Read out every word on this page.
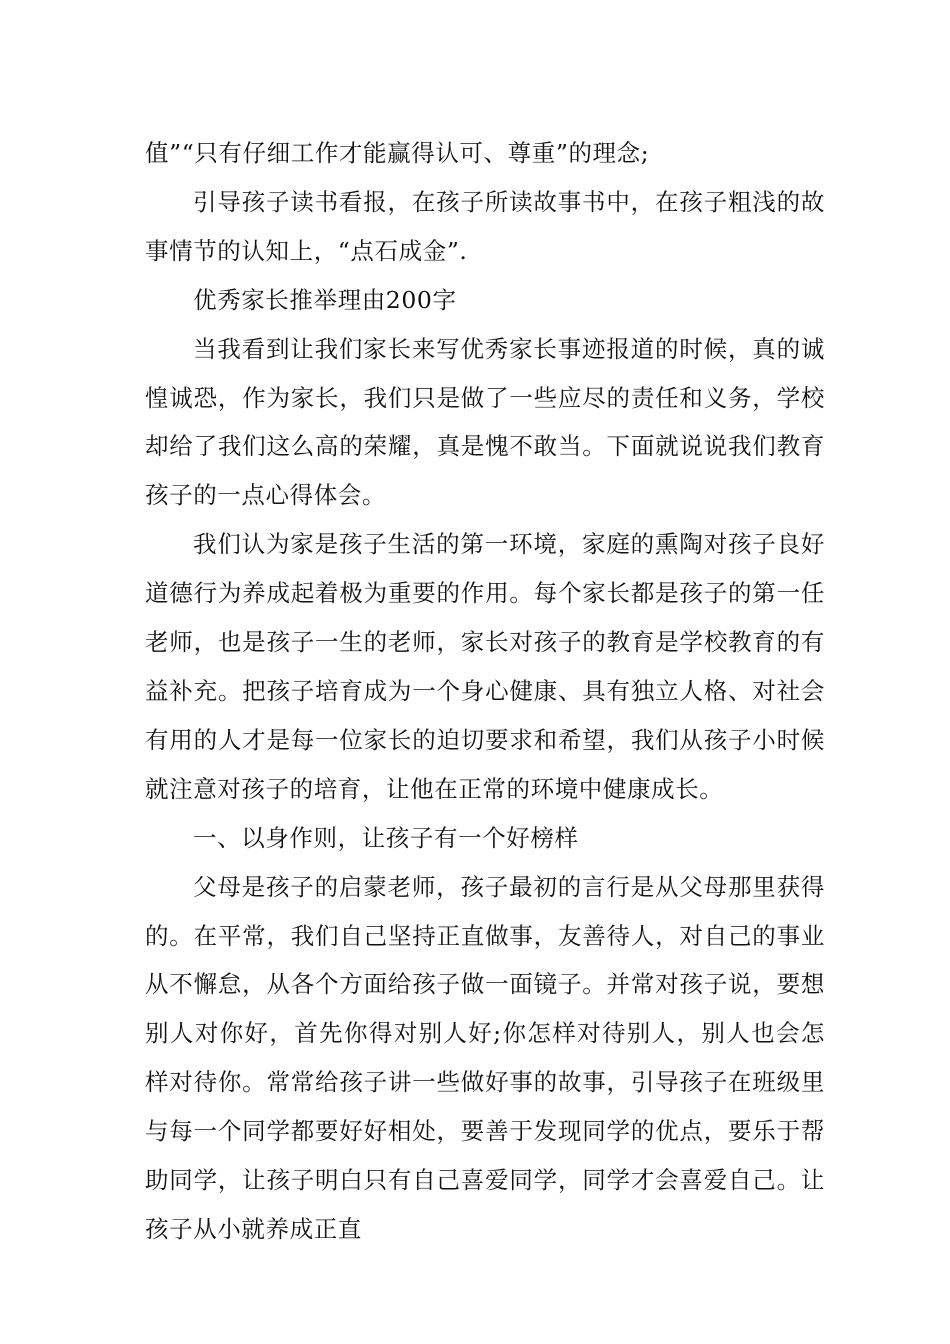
值”“只有仔细工作才能赢得认可、尊重”的理念;

引导孩子读书看报，在孩子所读故事书中，在孩子粗浅的故事情节的认知上，“点石成金”.

优秀家长推举理由200字

当我看到让我们家长来写优秀家长事迹报道的时候，真的诚惶诚恐，作为家长，我们只是做了一些应尽的责任和义务，学校却给了我们这么高的荣耀，真是愧不敢当。下面就说说我们教育孩子的一点心得体会。

我们认为家是孩子生活的第一环境，家庭的熏陶对孩子良好道德行为养成起着极为重要的作用。每个家长都是孩子的第一任老师，也是孩子一生的老师，家长对孩子的教育是学校教育的有益补充。把孩子培育成为一个身心健康、具有独立人格、对社会有用的人才是每一位家长的迫切要求和希望，我们从孩子小时候就注意对孩子的培育，让他在正常的环境中健康成长。

一、以身作则，让孩子有一个好榜样

父母是孩子的启蒙老师，孩子最初的言行是从父母那里获得的。在平常，我们自己坚持正直做事，友善待人，对自己的事业从不懈怠，从各个方面给孩子做一面镜子。并常对孩子说，要想别人对你好，首先你得对别人好;你怎样对待别人，别人也会怎样对待你。常常给孩子讲一些做好事的故事，引导孩子在班级里与每一个同学都要好好相处，要善于发现同学的优点，要乐于帮助同学，让孩子明白只有自己喜爱同学，同学才会喜爱自己。让孩子从小就养成正直
